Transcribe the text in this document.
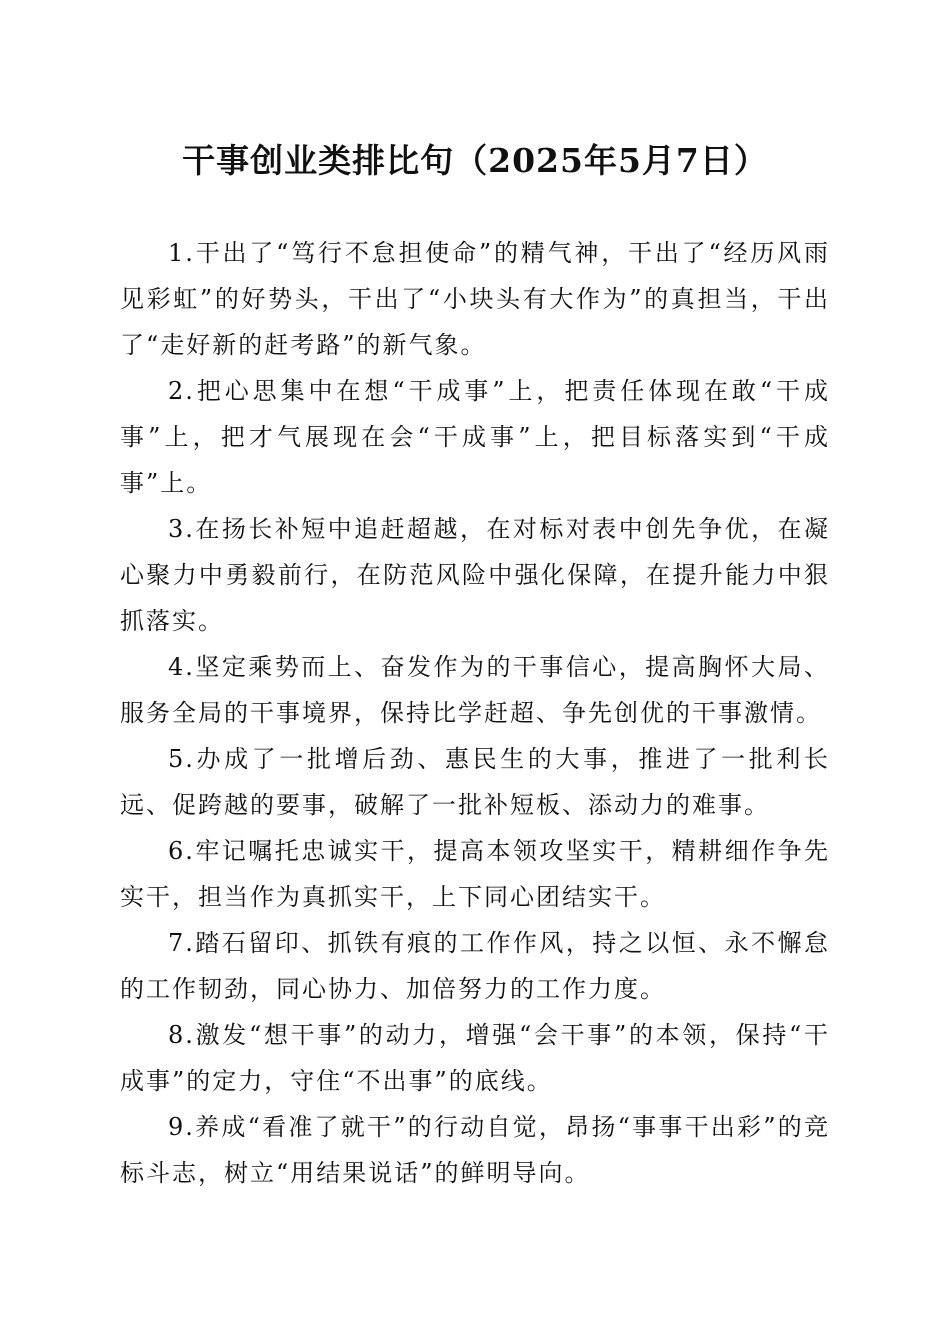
干事创业类排比句（2025年5月7日）

1.干出了“笃行不怠担使命”的精气神，干出了“经历风雨见彩虹”的好势头，干出了“小块头有大作为”的真担当，干出了“走好新的赶考路”的新气象。

2.把心思集中在想“干成事”上，把责任体现在敢“干成事”上，把才气展现在会“干成事”上，把目标落实到“干成事”上。

3.在扬长补短中追赶超越，在对标对表中创先争优，在凝心聚力中勇毅前行，在防范风险中强化保障，在提升能力中狠抓落实。

4.坚定乘势而上、奋发作为的干事信心，提高胸怀大局、服务全局的干事境界，保持比学赶超、争先创优的干事激情。

5.办成了一批增后劲、惠民生的大事，推进了一批利长远、促跨越的要事，破解了一批补短板、添动力的难事。

6.牢记嘱托忠诚实干，提高本领攻坚实干，精耕细作争先实干，担当作为真抓实干，上下同心团结实干。

7.踏石留印、抓铁有痕的工作作风，持之以恒、永不懈怠的工作韧劲，同心协力、加倍努力的工作力度。

8.激发“想干事”的动力，增强“会干事”的本领，保持“干成事”的定力，守住“不出事”的底线。

9.养成“看准了就干”的行动自觉，昂扬“事事干出彩”的竞标斗志，树立“用结果说话”的鲜明导向。
